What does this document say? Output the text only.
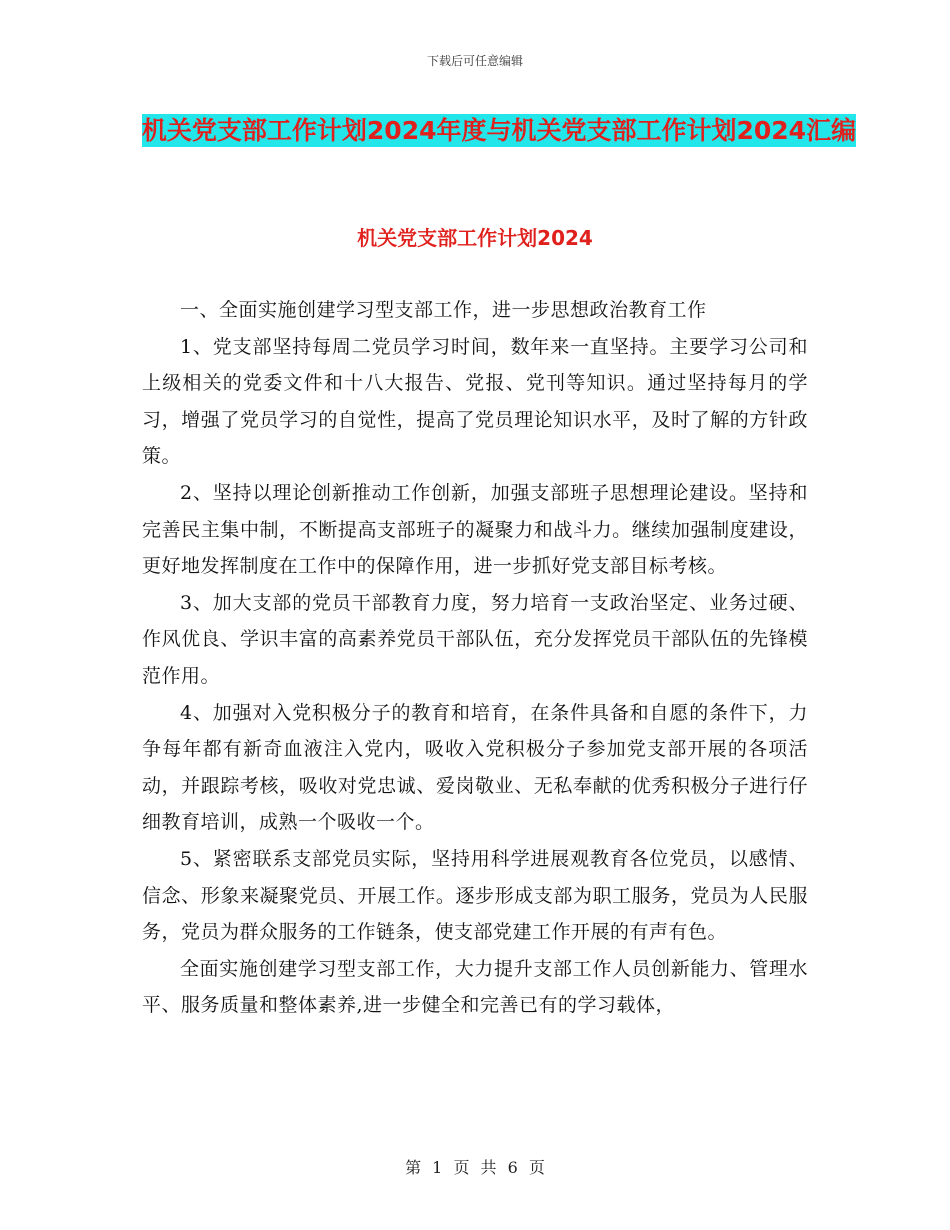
下载后可任意编辑
机关党支部工作计划2024年度与机关党支部工作计划2024汇编
机关党支部工作计划2024

一、全面实施创建学习型支部工作，进一步思想政治教育工作

1、党支部坚持每周二党员学习时间，数年来一直坚持。主要学习公司和上级相关的党委文件和十八大报告、党报、党刊等知识。通过坚持每月的学习，增强了党员学习的自觉性，提高了党员理论知识水平，及时了解的方针政策。

2、坚持以理论创新推动工作创新，加强支部班子思想理论建设。坚持和完善民主集中制，不断提高支部班子的凝聚力和战斗力。继续加强制度建设，更好地发挥制度在工作中的保障作用，进一步抓好党支部目标考核。

3、加大支部的党员干部教育力度，努力培育一支政治坚定、业务过硬、作风优良、学识丰富的高素养党员干部队伍，充分发挥党员干部队伍的先锋模范作用。

4、加强对入党积极分子的教育和培育，在条件具备和自愿的条件下，力争每年都有新奇血液注入党内，吸收入党积极分子参加党支部开展的各项活动，并跟踪考核，吸收对党忠诚、爱岗敬业、无私奉献的优秀积极分子进行仔细教育培训，成熟一个吸收一个。

5、紧密联系支部党员实际，坚持用科学进展观教育各位党员，以感情、信念、形象来凝聚党员、开展工作。逐步形成支部为职工服务，党员为人民服务，党员为群众服务的工作链条，使支部党建工作开展的有声有色。

全面实施创建学习型支部工作，大力提升支部工作人员创新能力、管理水平、服务质量和整体素养,进一步健全和完善已有的学习载体，

第 1 页 共 6 页
